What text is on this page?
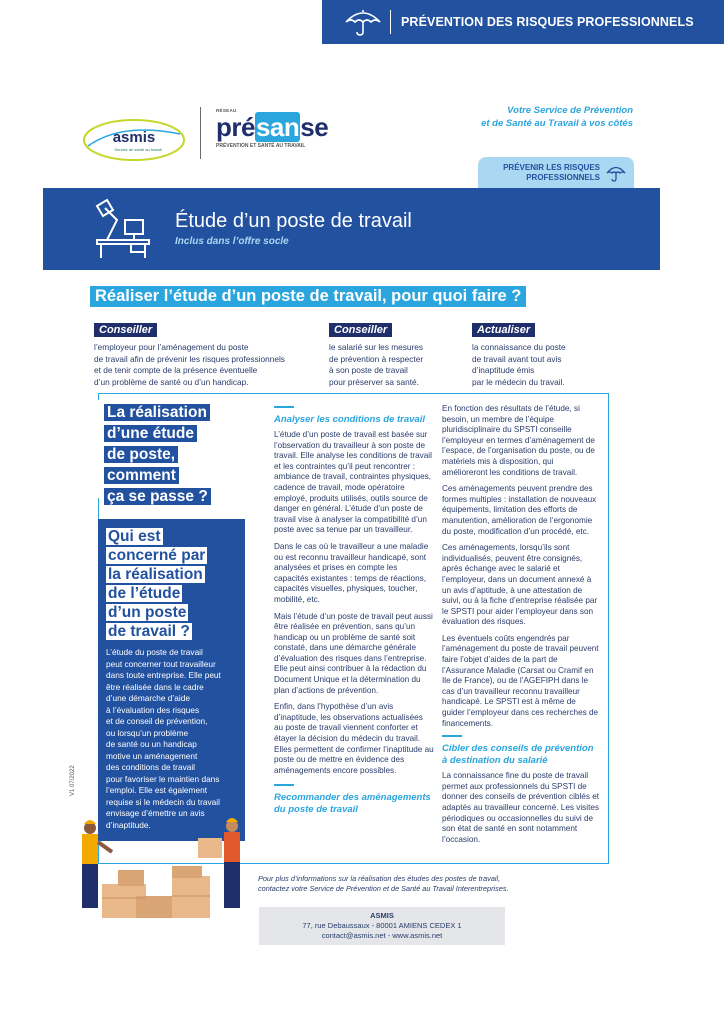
PRÉVENTION DES RISQUES PROFESSIONNELS
asmis
Service de santé au travail
RÉSEAU
présanse
PRÉVENTION ET SANTÉ AU TRAVAIL
Votre Service de Prévention
et de Santé au Travail à vos côtés
PRÉVENIR LES RISQUES
PROFESSIONNELS
Étude d’un poste de travail
Inclus dans l’offre socle
Réaliser l’étude d’un poste de travail, pour quoi faire ?
Conseiller
l’employeur pour l’aménagement du poste
de travail afin de prévenir les risques professionnels
et de tenir compte de la présence éventuelle
d’un problème de santé ou d’un handicap.
Conseiller
le salarié sur les mesures
de prévention à respecter
à son poste de travail
pour préserver sa santé.
Actualiser
la connaissance du poste
de travail avant tout avis
d’inaptitude émis
par le médecin du travail.
La réalisation
d’une étude
de poste,
comment
ça se passe ?
Qui est
concerné par
la réalisation
de l’étude
d’un poste
de travail ?
L’étude du poste de travail
peut concerner tout travailleur
dans toute entreprise. Elle peut
être réalisée dans le cadre
d’une démarche d’aide
à l’évaluation des risques
et de conseil de prévention,
ou lorsqu’un problème
de santé ou un handicap
motive un aménagement
des conditions de travail
pour favoriser le maintien dans
l’emploi. Elle est également
requise si le médecin du travail
envisage d’émettre un avis
d’inaptitude.
Analyser les conditions de travail
L’étude d’un poste de travail est basée sur l’observation du travailleur à son poste de travail. Elle analyse les conditions de travail et les contraintes qu’il peut rencontrer : ambiance de travail, contraintes physiques, cadence de travail, mode opératoire employé, produits utilisés, outils source de danger en général. L’étude d’un poste de travail vise à analyser la compatibilité d’un poste avec sa tenue par un travailleur.
Dans le cas où le travailleur a une maladie ou est reconnu travailleur handicapé, sont analysées et prises en compte les capacités existantes : temps de réactions, capacités visuelles, physiques, toucher, mobilité, etc.
Mais l’étude d’un poste de travail peut aussi être réalisée en prévention, sans qu’un handicap ou un problème de santé soit constaté, dans une démarche générale d’évaluation des risques dans l’entreprise. Elle peut ainsi contribuer à la rédaction du Document Unique et la détermination du plan d’actions de prévention.
Enfin, dans l’hypothèse d’un avis d’inaptitude, les observations actualisées au poste de travail viennent conforter et étayer la décision du médecin du travail. Elles permettent de confirmer l’inaptitude au poste ou de mettre en évidence des aménagements encore possibles.
Recommander des aménagements du poste de travail
En fonction des résultats de l’étude, si besoin, un membre de l’équipe pluridisciplinaire du SPSTI conseille l’employeur en termes d’aménagement de l’espace, de l’organisation du poste, ou de matériels mis à disposition, qui amélioreront les conditions de travail.
Ces aménagements peuvent prendre des formes multiples : installation de nouveaux équipements, limitation des efforts de manutention, amélioration de l’ergonomie du poste, modification d’un procédé, etc.
Ces aménagements, lorsqu’ils sont individualisés, peuvent être consignés, après échange avec le salarié et l’employeur, dans un document annexé à un avis d’aptitude, à une attestation de suivi, ou à la fiche d’entreprise réalisée par le SPSTI pour aider l’employeur dans son évaluation des risques.
Les éventuels coûts engendrés par l’aménagement du poste de travail peuvent faire l’objet d’aides de la part de l’Assurance Maladie (Carsat ou Cramif en Ile de France), ou de l’AGEFIPH dans le cas d’un travailleur reconnu travailleur handicapé. Le SPSTI est à même de guider l’employeur dans ces recherches de financements.
Cibler des conseils de prévention à destination du salarié
La connaissance fine du poste de travail permet aux professionnels du SPSTI de donner des conseils de prévention ciblés et adaptés au travailleur concerné. Les visites périodiques ou occasionnelles du suivi de son état de santé en sont notamment l’occasion.
V1 07/2022
Pour plus d’informations sur la réalisation des études des postes de travail,
contactez votre Service de Prévention et de Santé au Travail Interentreprises.
ASMIS
77, rue Debaussaux - 80001 AMIENS CEDEX 1
contact@asmis.net - www.asmis.net
